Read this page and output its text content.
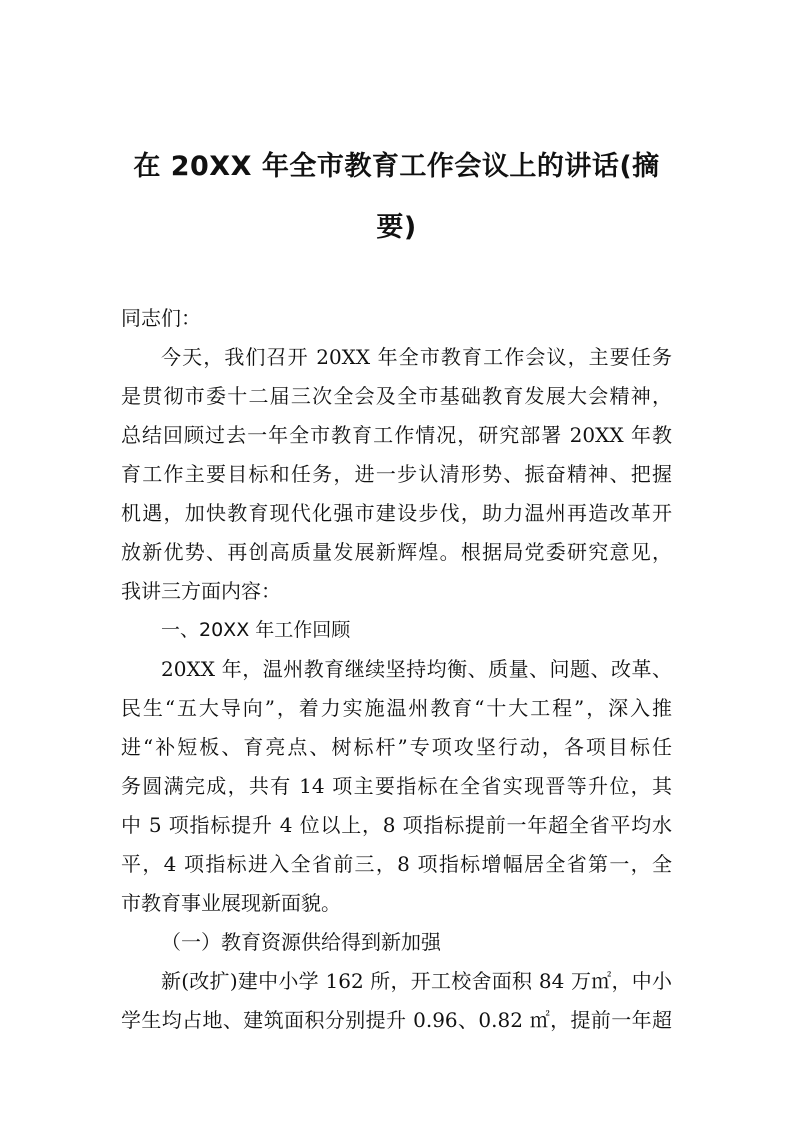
在 20XX 年全市教育工作会议上的讲话(摘
要)
同志们：
今天，我们召开 20XX 年全市教育工作会议，主要任务
是贯彻市委十二届三次全会及全市基础教育发展大会精神，
总结回顾过去一年全市教育工作情况，研究部署 20XX 年教
育工作主要目标和任务，进一步认清形势、振奋精神、把握
机遇，加快教育现代化强市建设步伐，助力温州再造改革开
放新优势、再创高质量发展新辉煌。根据局党委研究意见，
我讲三方面内容：
一、20XX 年工作回顾
20XX 年，温州教育继续坚持均衡、质量、问题、改革、
民生“五大导向”，着力实施温州教育“十大工程”，深入推
进“补短板、育亮点、树标杆”专项攻坚行动，各项目标任
务圆满完成，共有 14 项主要指标在全省实现晋等升位，其
中 5 项指标提升 4 位以上，8 项指标提前一年超全省平均水
平，4 项指标进入全省前三，8 项指标增幅居全省第一，全
市教育事业展现新面貌。
（一）教育资源供给得到新加强
新(改扩)建中小学 162 所，开工校舍面积 84 万㎡，中小
学生均占地、建筑面积分别提升 0.96、0.82 ㎡，提前一年超
